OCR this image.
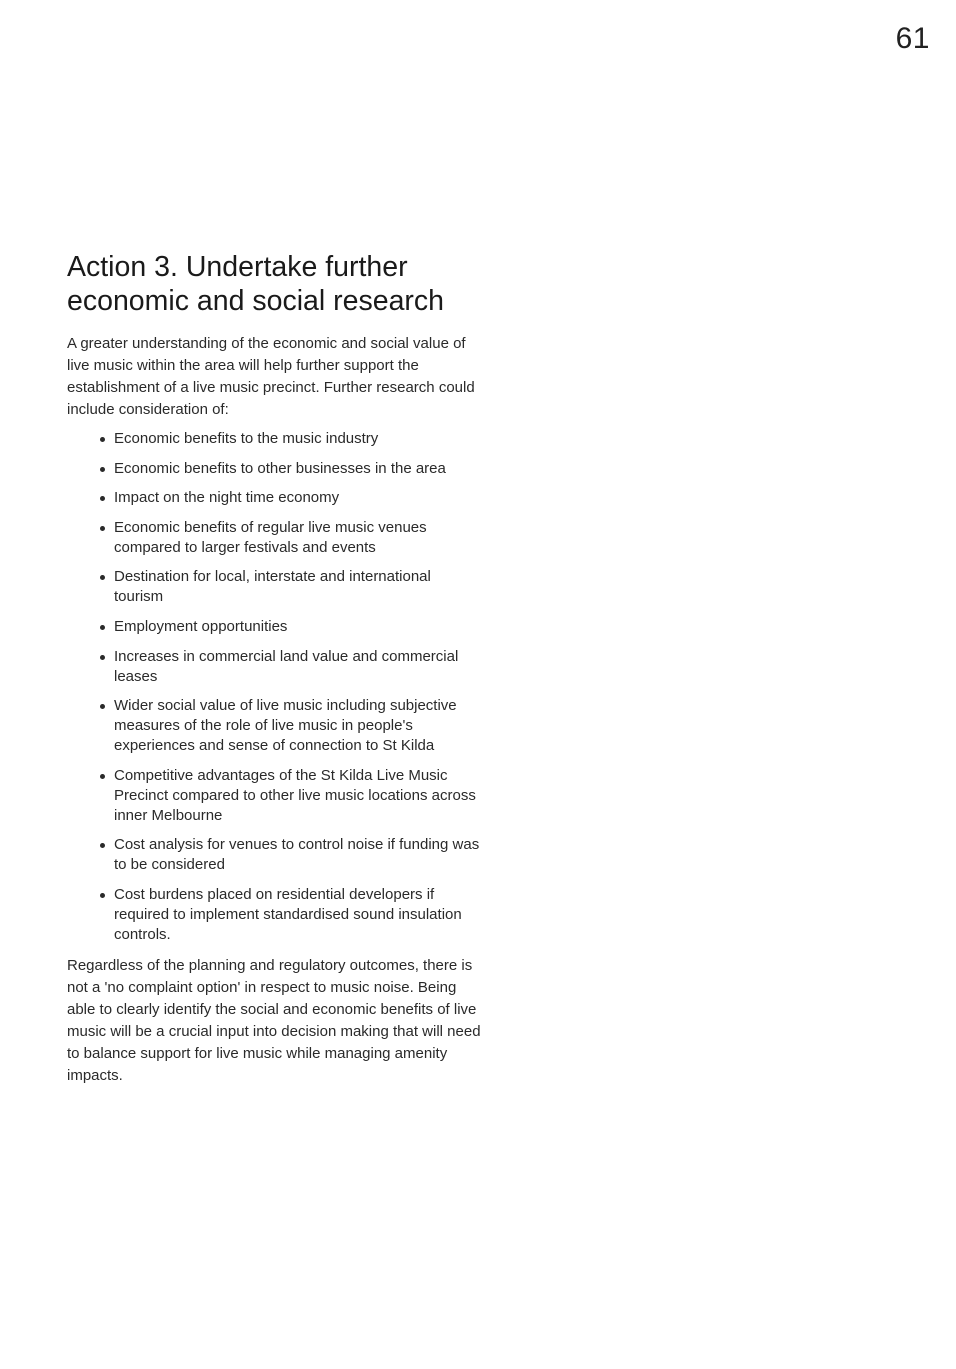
61
Action 3. Undertake further
economic and social research

A greater understanding of the economic and social value of live music within the area will help further support the establishment of a live music precinct. Further research could include consideration of:

Economic benefits to the music industry
Economic benefits to other businesses in the area
Impact on the night time economy
Economic benefits of regular live music venues compared to larger festivals and events
Destination for local, interstate and international tourism
Employment opportunities
Increases in commercial land value and commercial leases
Wider social value of live music including subjective measures of the role of live music in people's experiences and sense of connection to St Kilda
Competitive advantages of the St Kilda Live Music Precinct compared to other live music locations across inner Melbourne
Cost analysis for venues to control noise if funding was to be considered
Cost burdens placed on residential developers if required to implement standardised sound insulation controls.

Regardless of the planning and regulatory outcomes, there is not a 'no complaint option' in respect to music noise. Being able to clearly identify the social and economic benefits of live music will be a crucial input into decision making that will need to balance support for live music while managing amenity impacts.
